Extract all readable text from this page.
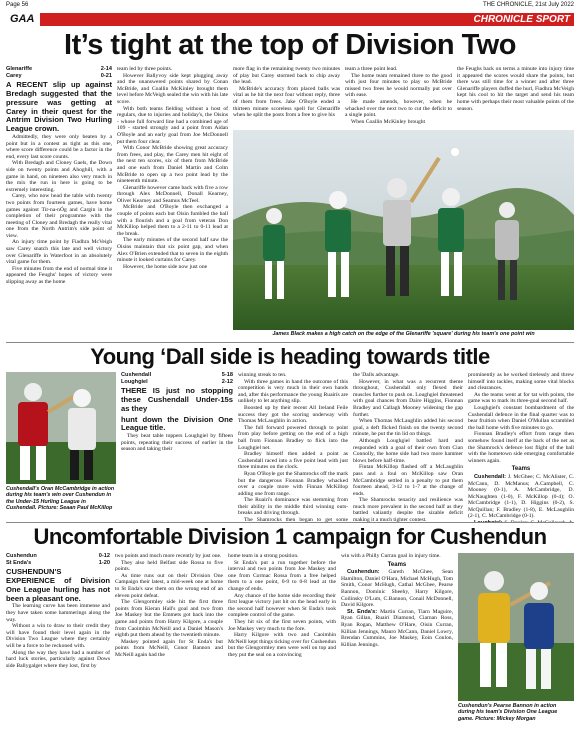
Page 56	THE CHRONICLE, 21st July 2022
GAA	CHRONICLE SPORT
It’s tight at the top of Division Two
Glenariffe	2-14
Carey	0-21
A RECENT slip up against Bredagh suggested that the pressure was getting at Carey in their quest for the Antrim Division Two Hurling League crown.

Admittedly, they were only beaten by a point but in a contest as tight as this one, where score difference could be a factor in the end, every last score counts.

With Bredagh and Cloney Gaels, the Down side on twenty points and Ahoghill, with a game in hand, on nineteen also very much in the mix the run in here is going to be extremely interesting.

Carey, who now head the table with twenty two points from fourteen games, have home games against Tír-na-nÓg and Cargin in the completion of their programme with the meeting of Cloney and Bredagh the really vital one from the North Antrim's side point of view.

An injury time point by Fiadhra McVeigh saw Carey snatch this late and well victory over Glenariffe in Waterfoot in an absolutely vital game for them.

Five minutes from the end of normal time it appeared the Feughs' hopes of victory were slipping away as the home

team led by three points.

However Ballyvoy side kept plugging away and the unanswered points shared by Conan McBride, and Coallin McKinley brought them level before McVeigh sealed the win with his late score.

With both teams fielding without a host of regulars, due to injuries and holiday's, the Oisins - whose full forward line had a combined age of 109 - started strongly and a point from Aidan O'Boyle and an early goal from Joe McDonnell put them four clear.

With Conor McBride showing great accuracy from frees, and play, the Carey men hit eight of the next ten scores, six of them from McBride and one each from Daniel Martin and Colm McBride to open up a two point lead by the nineteenth minute.

Glenariffe however came back with five a row through Alex McDonnell, Donall Kearney, Oliver Kearney and Seamus McTeel.

McBride and O'Boyle then exchanged a couple of points each but Oisin fumbled the ball with a flourish and a goal from veteran Don McKillop helped them to a 2-11 to 0-11 lead at the break.

The early minutes of the second half saw the Oisins maintain that six point gap, and when Alex O'Brien extended that to seven in the eighth minute it looked curtains for Carey.

However, the home side now just one

more flag in the remaining twenty two minutes of play but Carey stormed back to chip away the lead.

McBride's accuracy from placed balls was vital as he hit the next four without reply, three of them from frees. Jake O'Boyle ended a thirteen minute scoreless spell for Glenariffe when he split the posts from a free to give his

team a three point lead.

The home team remained three to the good with just four minutes to play so McBride missed two frees he would normally put over with ease.

He made amends, however, when he whacked over the next two to cut the deficit to a single point.

When Coallin McKinley brought

the Feughs back on terms a minute into injury time it appeared the scores would share the points, but there was still time for a winner and after three Glenariffe players duffed the hurl, Fiadhra McVeigh kept his cool to hit the target and send his team home with perhaps their most valuable points of the season.

James Black makes a high catch on the edge of the Glenariffe 'square' during his team's one point win
Young ‘Dall side is heading towards title
Cushendall's Oran McCambridge in action during his team's win over Cushendun in the Under-15 Hurling League in Cushendall. Picture: Seaan Paul McKillop
Cushendall	5-18
Loughgiel	2-12
THERE IS just no stopping these Cushendall Under-15s as they
hunt down the Division One League title.

They beat table toppers Loughgiel by fifteen points, repeating their success of earlier in the season and taking their

winning streak to ten.

With three games in hand the outcome of this competition is very much in their own hands and, after this performance the young Ruairís are unlikely to let anything slip.

Boosted up by their recent All Ireland Feile success they got the scoring underway with Thomas McLaughlin in action.

The full forward powered through to point from play before getting on the end of a high ball from Fionnan Bradley to flick into the Loughgiel net.

Bradley himself then added a point as Cushendall raced into a five point lead with just three minutes on the clock.

Ryan O'Boyle got the Shamrocks off the mark but the dangerous Fionnan Bradley whacked over a couple more with Finnan McKillop adding one from range.

The Ruairí's dominance was stemming from their ability in the middle third winning outs-breaks and driving through.

The Shamrocks then began to get some

the 'Dalls advantage.

However, in what was a recurrent theme throughout, Cushendall only flexed their muscles further to push on. Loughgiel threatened with goal chances from Daire Higgins, Fionnan Bradley and Callagh Mooney widening the gap further.

When Thomas McLaughlin added his second goal, a deft flicked finish on the twenty second minute, he put the tin lid on things.

Although Loughgiel battled hard and responded with a goal of their own from Cian Connolly, the home side had two more hammer blows before half-time.

Fintan McKillop flashed off a McLaughlin pass and a foul on McKillop saw Oran McCambridge settled in a penalty to put them fourteen ahead, 3-12 to 1-7 at the change of ends.

The Shamrocks tenacity and resilience was much more prevalent in the second half as they battled valiantly despite the sizable deficit making it a much tighter contest.

prominently as he worked tirelessly and threw himself into tackles, making some vital blocks and clearances.

As the teams went at for tat with points, the game was to mark its three-goal second half.

Loughgiel's constant bombardment of the Cushendall defence in the final quarter was to bear fruition when Daniel O'Mullan scrambled the ball home with five minutes to go.

Fionnan Bradley's effort from range then somehow found itself at the back of the net as the Shamrock's defence lost flight of the ball with the hometown side emerging comfortable winners again.

Teams

Cushendall: J. McGhee; C. McAlister, C. McCann, D. McManus; A.Campbell, C. Mooney (0-1), A. McCambridge, D. McNaughten (1-0), F. McKillop (0-4); O. McCambridge (1-1), D. Higgins (0-2), S. McQuillan; F. Bradley (1-8), E. McLaughlin (2-1), C. McCambridge (0-1).

Uncomfortable Division 1 campaign for Cushendun
Cushendun	0-12
St Enda's	1-20
CUSHENDUN'S EXPERIENCE of Division One League hurling has not been a pleasant one.

The learning curve has been immense and they have taken some hammerings along the way.

Without a win to draw to their credit they will have found their level again in the Division Two League where they certainly will be a force to be reckoned with.

Along the way they have had a number of hard luck stories, particularly against Dows side Ballygalget where they lost, first by

two points and much more recently by just one.

They also held Belfast side Rossa to five points.

As time runs out on their Division One Campaign their latest, a mid-week one at home to St Enda's saw them on the wrong end of an eleven point defeat.

The Glengormley side hit the first three points from Kieran Hall's goal and two from Joe Maskey but the Emmets got back into the game and points from Harry Kilgore, a couple from Caoimhin McNeill and a Daniel Mason's eighth put them ahead by the twentieth minute.

Maskey pointed again for St Enda's but points from McNeill, Conor Bannon and McNeill again had the

home team in a strong position.

St Enda's put a run together before the interval and two points from Joe Maskey and one from Cormac Rossa from a free helped them to a one point, 0-9 to 0-8 lead at the change of ends.

Any chance of the home side recording their first league victory just hit on the head early in the second half however when St Enda's took complete control of the game.

They hit six of the first seven points, with Joe Maskey very much to the fore.

Harry Kilgore with two and Caoimhin McNeill kept things ticking over for Cushendun but the Glengormley men were well on top and they put the seal on a convincing

win with a Philly Curran goal in injury time.

Teams

Cushendun: Gareth McGhee, Sean Hamilton, Daniel O'Hara, Michael McHugh, Tom Smith, Conor McHugh, Cathal McGhee, Pearse Bannon, Dominic Sheehy, Harry Kilgore, Coilinsky O'Lum, C.Bannon, Conail McDonnell, David Kilgore.

St. Enda's: Martin Curran, Tiarn Maguire, Ryan Gillan, Ruairí Diamond, Ciarnan Ross, Ryan Rogan, Matthew O'Hare, Oisin Curran, Killian Jennings, Mauro McCann, Daniel Lowry, Brendan Cummins, Joe Maskey, Eoin Conlon, Killian Jennings.

Cushendun's Pearse Bannon in action during his team's Division One League game. Picture: Mickey Morgan
